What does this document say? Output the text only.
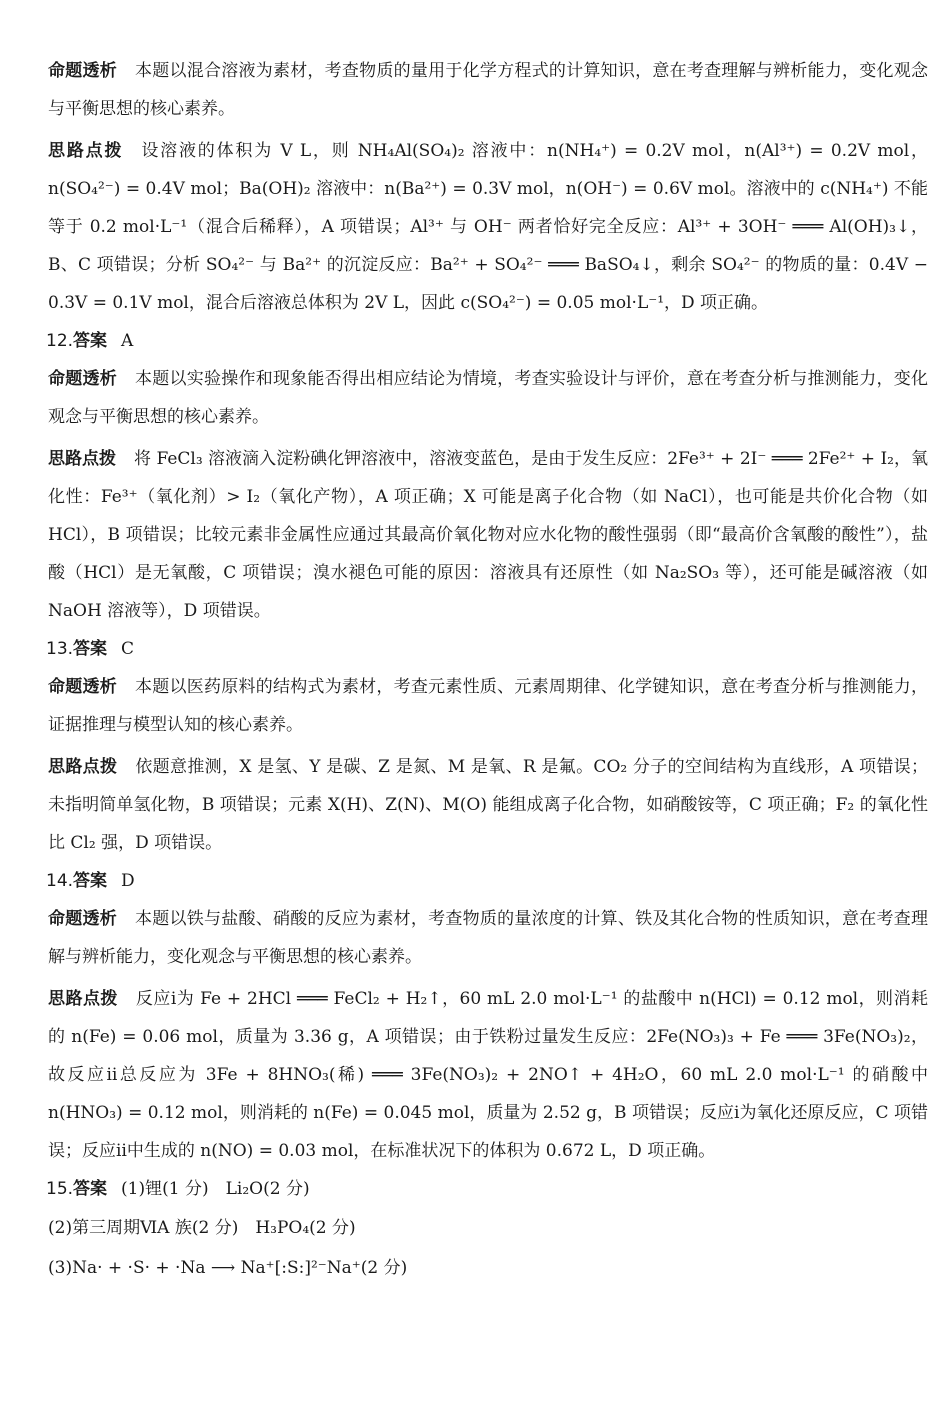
命题透析 本题以混合溶液为素材，考查物质的量用于化学方程式的计算知识，意在考查理解与辨析能力，变化观念与平衡思想的核心素养。

思路点拨 设溶液的体积为 V L，则 NH₄Al(SO₄)₂ 溶液中：n(NH₄⁺) = 0.2V mol，n(Al³⁺) = 0.2V mol，n(SO₄²⁻) = 0.4V mol；Ba(OH)₂ 溶液中：n(Ba²⁺) = 0.3V mol，n(OH⁻) = 0.6V mol。溶液中的 c(NH₄⁺) 不能等于 0.2 mol·L⁻¹（混合后稀释），A 项错误；Al³⁺ 与 OH⁻ 两者恰好完全反应：Al³⁺ + 3OH⁻ ═══ Al(OH)₃↓，B、C 项错误；分析 SO₄²⁻ 与 Ba²⁺ 的沉淀反应：Ba²⁺ + SO₄²⁻ ═══ BaSO₄↓，剩余 SO₄²⁻ 的物质的量：0.4V − 0.3V = 0.1V mol，混合后溶液总体积为 2V L，因此 c(SO₄²⁻) = 0.05 mol·L⁻¹，D 项正确。

12.答案 A

命题透析 本题以实验操作和现象能否得出相应结论为情境，考查实验设计与评价，意在考查分析与推测能力，变化观念与平衡思想的核心素养。

思路点拨 将 FeCl₃ 溶液滴入淀粉碘化钾溶液中，溶液变蓝色，是由于发生反应：2Fe³⁺ + 2I⁻ ═══ 2Fe²⁺ + I₂，氧化性：Fe³⁺（氧化剂）> I₂（氧化产物），A 项正确；X 可能是离子化合物（如 NaCl），也可能是共价化合物（如 HCl），B 项错误；比较元素非金属性应通过其最高价氧化物对应水化物的酸性强弱（即“最高价含氧酸的酸性”），盐酸（HCl）是无氧酸，C 项错误；溴水褪色可能的原因：溶液具有还原性（如 Na₂SO₃ 等），还可能是碱溶液（如 NaOH 溶液等），D 项错误。

13.答案 C

命题透析 本题以医药原料的结构式为素材，考查元素性质、元素周期律、化学键知识，意在考查分析与推测能力，证据推理与模型认知的核心素养。

思路点拨 依题意推测，X 是氢、Y 是碳、Z 是氮、M 是氧、R 是氟。CO₂ 分子的空间结构为直线形，A 项错误；未指明简单氢化物，B 项错误；元素 X(H)、Z(N)、M(O) 能组成离子化合物，如硝酸铵等，C 项正确；F₂ 的氧化性比 Cl₂ 强，D 项错误。

14.答案 D

命题透析 本题以铁与盐酸、硝酸的反应为素材，考查物质的量浓度的计算、铁及其化合物的性质知识，意在考查理解与辨析能力，变化观念与平衡思想的核心素养。

思路点拨 反应ⅰ为 Fe + 2HCl ═══ FeCl₂ + H₂↑，60 mL 2.0 mol·L⁻¹ 的盐酸中 n(HCl) = 0.12 mol，则消耗的 n(Fe) = 0.06 mol，质量为 3.36 g，A 项错误；由于铁粉过量发生反应：2Fe(NO₃)₃ + Fe ═══ 3Fe(NO₃)₂，故反应ⅱ总反应为 3Fe + 8HNO₃(稀) ═══ 3Fe(NO₃)₂ + 2NO↑ + 4H₂O，60 mL 2.0 mol·L⁻¹ 的硝酸中 n(HNO₃) = 0.12 mol，则消耗的 n(Fe) = 0.045 mol，质量为 2.52 g，B 项错误；反应ⅰ为氧化还原反应，C 项错误；反应ⅱ中生成的 n(NO) = 0.03 mol，在标准状况下的体积为 0.672 L，D 项正确。

15.答案 (1)锂(1 分)　Li₂O(2 分)

(2)第三周期ⅥA 族(2 分)　H₃PO₄(2 分)

(3)Na· + ·S· + ·Na ⟶ Na⁺[:S:]²⁻Na⁺(2 分)
